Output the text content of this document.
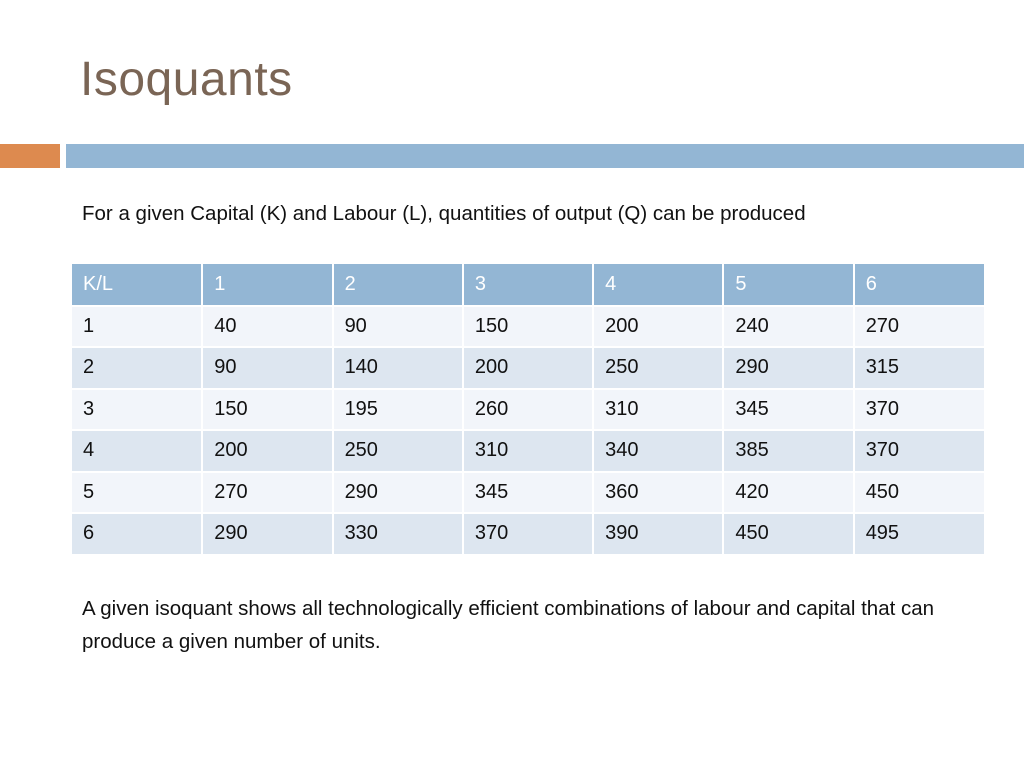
Isoquants
For a given Capital (K) and Labour (L), quantities of output (Q) can be produced
K/L	1	2	3	4	5	6
1	40	90	150	200	240	270
2	90	140	200	250	290	315
3	150	195	260	310	345	370
4	200	250	310	340	385	370
5	270	290	345	360	420	450
6	290	330	370	390	450	495
A given isoquant shows all technologically efficient combinations of labour and capital that can produce a given number of units.
